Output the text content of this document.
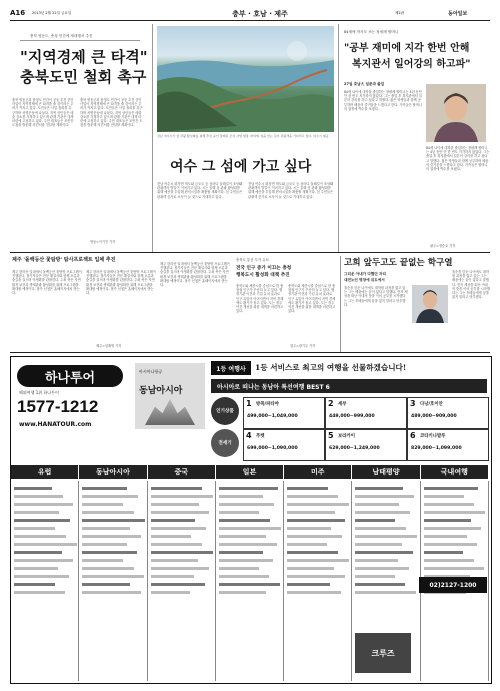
A16 2013년 2월 22일 금요일	충부 · 호남 · 제주	제2판	동아일보
충북 영동도, 충청 민간에 세대행서 추진
"지역경제 큰 타격"
충북도민 철회 촉구
충북 영동군과 충청도 민간이 공동 추진 중인 사업이 지역경제에 큰 타격을 줄 것이라는 우려가 커지고 있다. 도민들은 사업 철회를 촉구하며 서명운동에 나섰다. 지역 상인들은 매출 감소를 걱정하고 있으며 관계 기관은 대책 마련에 고심하고 있다. 주민 대표들은 조만간 도청을 방문해 의견서를 전달할 계획이다.
충북 영동군과 충청도 민간이 공동 추진 중인 사업이 지역경제에 큰 타격을 줄 것이라는 우려가 커지고 있다. 도민들은 사업 철회를 촉구하며 서명운동에 나섰다. 지역 상인들은 매출 감소를 걱정하고 있으며 관계 기관은 대책 마련에 고심하고 있다. 주민 대표들은 조만간 도청을 방문해 의견서를 전달할 계획이다.
영동=이기진 기자
전남 여수시가 섬 관광 활성화를 위해 추진 중인 둘레길 조성 사업 현장. 바다와 섬을 잇는 길이 관광객을 기다리고 있다. 여수시 제공
여수 그 섬에 가고 싶다
전남 여수시 화정면 개도와 금오도 등 섬마다 둘레길이 조성돼 관광객의 발길이 이어지고 있다. 시는 올해 섬 관광 활성화를 위해 예산을 투입해 편의시설을 확충할 계획이다. 섬 주민들은 관광객 증가로 소득이 늘 것으로 기대하고 있다.
전남 여수시 화정면 개도와 금오도 등 섬마다 둘레길이 조성돼 관광객의 발길이 이어지고 있다. 시는 올해 섬 관광 활성화를 위해 예산을 투입해 편의시설을 확충할 계획이다. 섬 주민들은 관광객 증가로 소득이 늘 것으로 기대하고 있다.
84세에 학사모 쓰는 장평례 할머니
"공부 재미에 지각 한번 안해
복지관서 일어강의 하고파"
27일 호남大 일문과 졸업
84세 나이에 대학을 졸업하는 장평례 할머니는 4년 동안 단 한 번도 지각하지 않았다. 그는 졸업 후 복지관에서 일본어 강의를 하고 싶다고 말했다. 젊은 학생들과 함께 공부하며 배움의 즐거움을 느꼈다고 한다. 가족들은 할머니의 열정에 박수를 보냈다.
84세 나이에 대학을 졸업하는 장평례 할머니는 4년 동안 단 한 번도 지각하지 않았다. 그는 졸업 후 복지관에서 일본어 강의를 하고 싶다고 말했다. 젊은 학생들과 함께 공부하며 배움의 즐거움을 느꼈다고 한다. 가족들은 할머니의 열정에 박수를 보냈다.
광주=정승호 기자
제주 '돌백등산 꽃탐방' 탐사프로젝트 입체 추진
제주 한라산 일대에서 돌백등산 꽃탐방 프로그램이 진행된다. 참가자들은 전문 해설사와 함께 오름과 숲길을 걸으며 야생화를 관찰한다. 주최 측은 자연환경 보전과 생태관광 활성화를 위해 프로그램을 확대할 예정이다. 참가 신청은 홈페이지에서 받는다.
제주 한라산 일대에서 돌백등산 꽃탐방 프로그램이 진행된다. 참가자들은 전문 해설사와 함께 오름과 숲길을 걸으며 야생화를 관찰한다. 주최 측은 자연환경 보전과 생태관광 활성화를 위해 프로그램을 확대할 예정이다. 참가 신청은 홈페이지에서 받는다.
제주=임재영 기자
제주 한라산 일대에서 돌백등산 꽃탐방 프로그램이 진행된다. 참가자들은 전문 해설사와 함께 오름과 숲길을 걸으며 야생화를 관찰한다. 주최 측은 자연환경 보전과 생태관광 활성화를 위해 프로그램을 확대할 예정이다. 참가 신청은 홈페이지에서 받는다.
충북도 통상 투자 유치
전국 인구 증가 이끄는 충청
행복도시 활성화 대책 추진
충북도와 세종시를 중심으로 한 충청권 인구가 꾸준히 늘고 있다. 행정기관 이전과 기업 유치 효과로 인구 유입이 이어지면서 지역 경제에도 활기가 돌고 있다. 도는 정주 여건 개선을 위한 대책을 마련하고 있다.
충북도와 세종시를 중심으로 한 충청권 인구가 꾸준히 늘고 있다. 행정기관 이전과 기업 유치 효과로 인구 유입이 이어지면서 지역 경제에도 활기가 돌고 있다. 도는 정주 여건 개선을 위한 대책을 마련하고 있다.
청주=장기우 기자
고희 앞두고도 끝없는 학구열
그리운 아내가 다했던 자리
대전노인 명장에 위도에서
칠순을 앞둔 나이에도 대학원 과정을 밟고 있는 그는 배움에는 끝이 없다고 말했다. 먼저 세상을 떠난 아내의 뜻을 이어 공부를 시작했다는 그는 후배들에게 꿈을 잃지 말라고 당부했다.
칠순을 앞둔 나이에도 대학원 과정을 밟고 있는 그는 배움에는 끝이 없다고 말했다. 먼저 세상을 떠난 아내의 뜻을 이어 공부를 시작했다는 그는 후배들에게 꿈을 잃지 말라고 당부했다.
하나투어
해외여행 1위 하나투어
1577-1212
www.HANATOUR.com
아시아나항공
동남아시아
1등 여행사 1등 서비스로 최고의 여행을 선물하겠습니다!
아시아로 떠나는 동남아 특선여행 BEST 6
인기상품
전세기
1 방콕/파타야
499,000~1,049,000
2 세부
449,000~999,000
3 다낭/호이안
489,000~909,000
4 푸켓
699,000~1,090,000
5 보라카이
629,000~1,249,000
6 코타키나발루
829,000~1,099,000
유럽	동남아시아	중국	일본	미주	남태평양	국내여행
02)2127-1200
크루즈
